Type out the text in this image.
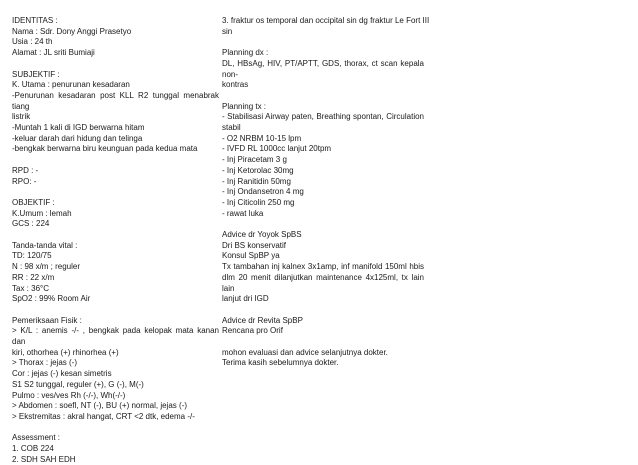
IDENTITAS :
Nama : Sdr. Dony Anggi Prasetyo
Usia : 24 th
Alamat : JL sriti Bumiaji
SUBJEKTIF :
K. Utama : penurunan kesadaran
-Penurunan kesadaran post KLL R2 tunggal menabrak tiang
listrik
-Muntah 1 kali di IGD berwarna hitam
-keluar darah dari hidung dan telinga
-bengkak berwarna biru keunguan pada kedua mata
RPD : -
RPO: -
OBJEKTIF :
K.Umum : lemah
GCS : 224
Tanda-tanda vital :
TD: 120/75
N : 98 x/m ; reguler
RR : 22 x/m
Tax : 36°C
SpO2 : 99% Room Air
Pemeriksaan Fisik :
> K/L : anemis -/- , bengkak pada kelopak mata kanan dan
kiri, othorhea (+) rhinorhea (+)
> Thorax : jejas (-)
Cor : jejas (-) kesan simetris
S1 S2 tunggal, reguler (+), G (-), M(-)
Pulmo : ves/ves Rh (-/-), Wh(-/-)
> Abdomen : soefl, NT (-), BU (+) normal, jejas (-)
> Ekstremitas : akral hangat, CRT <2 dtk, edema -/-
Assessment :
1. COB 224
2. SDH SAH EDH
3. fraktur os temporal dan occipital sin dg fraktur Le Fort III
sin
Planning dx :
DL, HBsAg, HIV, PT/APTT, GDS, thorax, ct scan kepala non-
kontras
Planning tx :
- Stabilisasi Airway paten, Breathing spontan, Circulation
stabil
- O2 NRBM 10-15 lpm
- IVFD RL 1000cc lanjut 20tpm
- Inj Piracetam 3 g
- Inj Ketorolac 30mg
- Inj Ranitidin 50mg
- Inj Ondansetron 4 mg
- Inj Citicolin 250 mg
- rawat luka
Advice dr Yoyok SpBS
Dri BS konservatif
Konsul SpBP ya
Tx tambahan inj kalnex 3x1amp, inf manifold 150ml hbis
dlm 20 menit dilanjutkan maintenance 4x125ml, tx lain lain
lanjut dri IGD
Advice dr Revita SpBP
Rencana pro Orif
mohon evaluasi dan advice selanjutnya dokter.
Terima kasih sebelumnya dokter.
